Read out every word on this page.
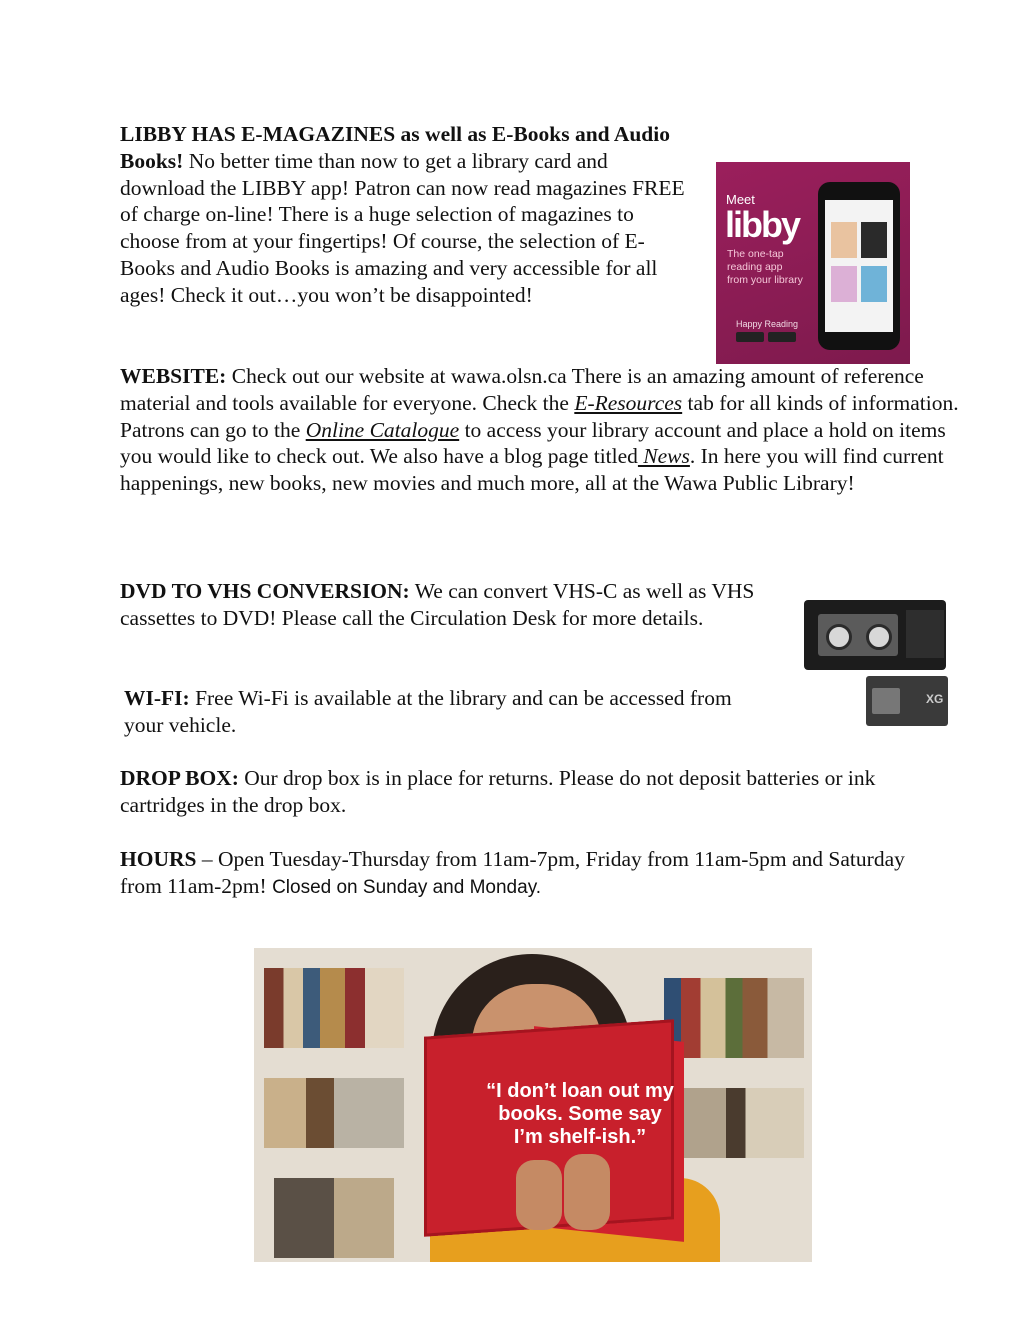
LIBBY HAS E-MAGAZINES as well as E-Books and Audio Books! No better time than now to get a library card and download the LIBBY app! Patron can now read magazines FREE of charge on-line! There is a huge selection of magazines to choose from at your fingertips! Of course, the selection of E-Books and Audio Books is amazing and very accessible for all ages! Check it out…you won’t be disappointed!

Meet
libby
The one-tap
reading app
from your library
Happy Reading

WEBSITE: Check out our website at wawa.olsn.ca There is an amazing amount of reference material and tools available for everyone. Check the E-Resources tab for all kinds of information. Patrons can go to the Online Catalogue to access your library account and place a hold on items you would like to check out. We also have a blog page titled News. In here you will find current happenings, new books, new movies and much more, all at the Wawa Public Library!

DVD TO VHS CONVERSION: We can convert VHS-C as well as VHS cassettes to DVD! Please call the Circulation Desk for more details.

XG

WI-FI: Free Wi-Fi is available at the library and can be accessed from your vehicle.

DROP BOX: Our drop box is in place for returns. Please do not deposit batteries or ink cartridges in the drop box.

HOURS – Open Tuesday-Thursday from 11am-7pm, Friday from 11am-5pm and Saturday from 11am-2pm! Closed on Sunday and Monday.

“I don’t loan out my
books. Some say
I’m shelf-ish.”
